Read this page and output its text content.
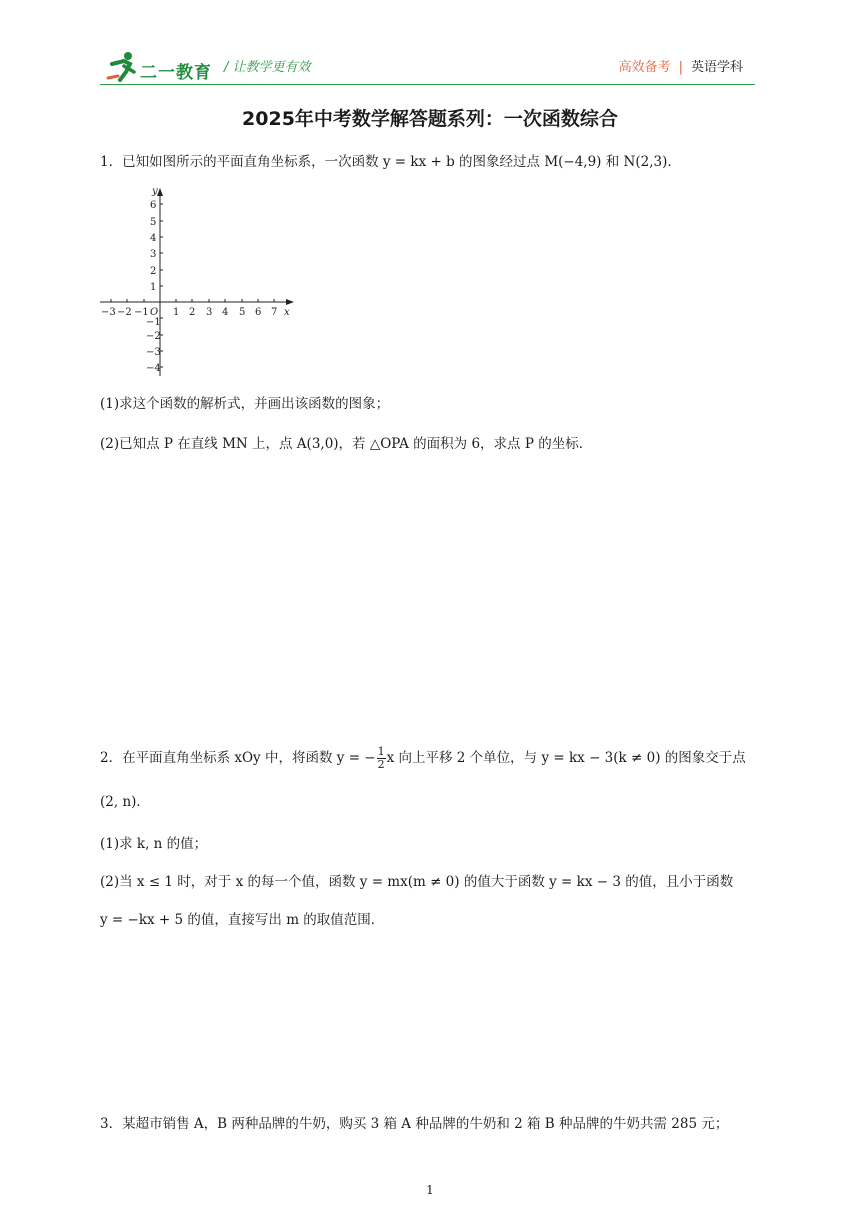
二一教育 / 让教学更有效	高效备考 | 英语学科
2025年中考数学解答题系列：一次函数综合
1．已知如图所示的平面直角坐标系，一次函数 y = kx + b 的图象经过点 M(−4,9) 和 N(2,3)．
y
x
O
−3 −2 −1 1 2 3 4 5 6 7
6
5
4
3
2
1
−1
−2
−3
−4
(1)求这个函数的解析式，并画出该函数的图象；
(2)已知点 P 在直线 MN 上，点 A(3,0)，若 △OPA 的面积为 6，求点 P 的坐标．
2．在平面直角坐标系 xOy 中，将函数 y = − $\frac{1}{2}$ x 向上平移 2 个单位，与 y = kx − 3(k ≠ 0) 的图象交于点
(2, n)．
(1)求 k, n 的值；
(2)当 x ≤ 1 时，对于 x 的每一个值，函数 y = mx(m ≠ 0) 的值大于函数 y = kx − 3 的值，且小于函数
y = −kx + 5 的值，直接写出 m 的取值范围．
3．某超市销售 A，B 两种品牌的牛奶，购买 3 箱 A 种品牌的牛奶和 2 箱 B 种品牌的牛奶共需 285 元；
1
